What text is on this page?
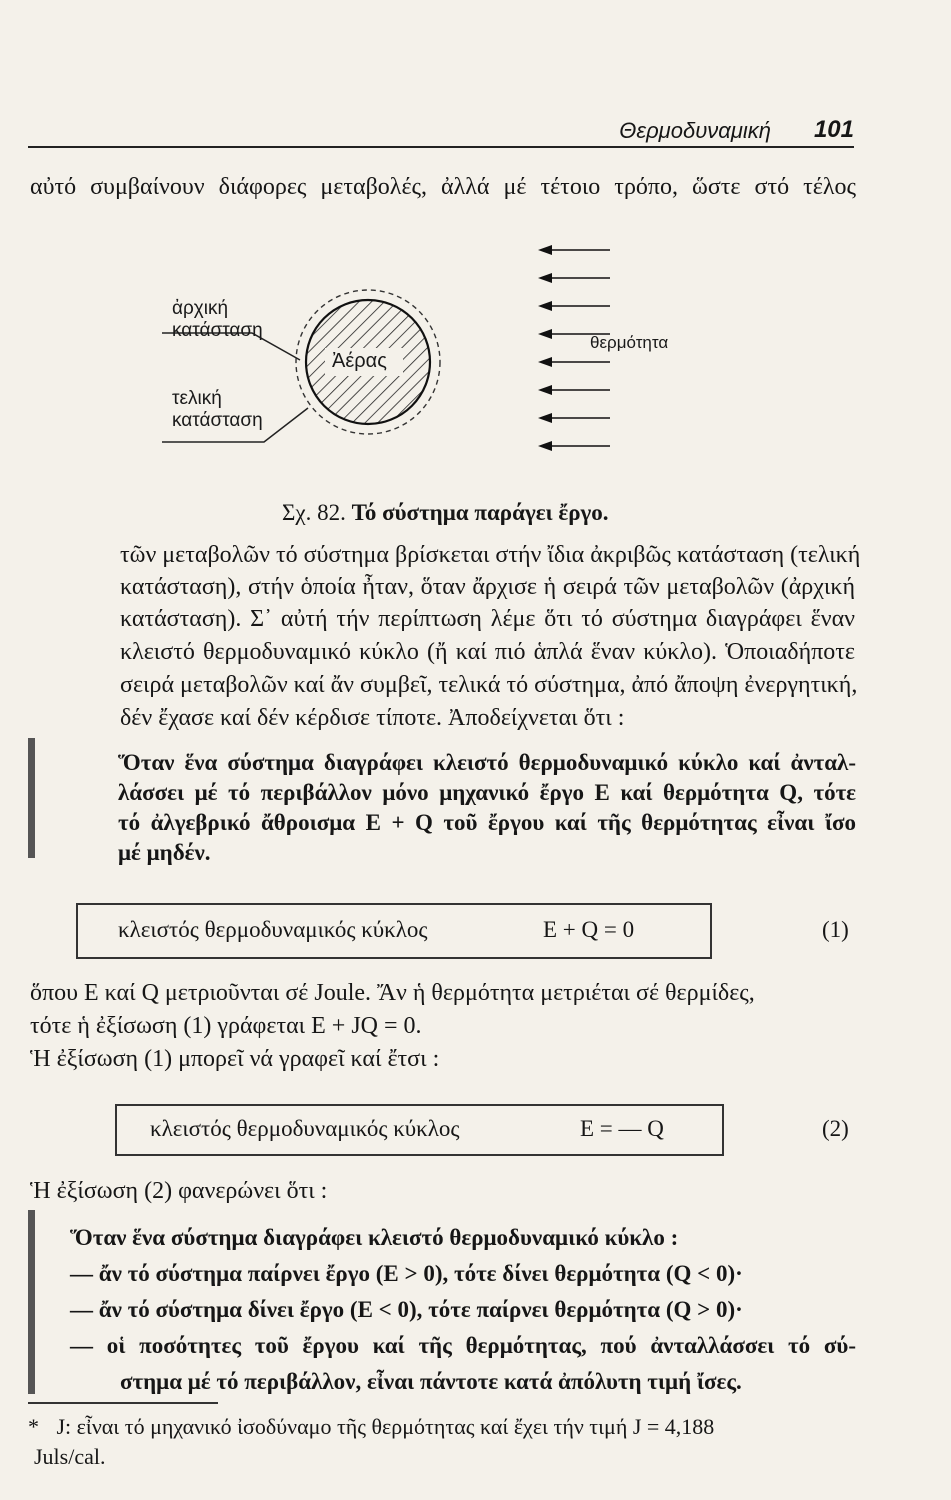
Θερμοδυναμική 101
αὐτό συμβαίνουν διάφορες μεταβολές, ἀλλά μέ τέτοιο τρόπο, ὥστε στό τέλος
ἀρχική
κατάσταση
τελική
κατάσταση
Ἀέρας
θερμότητα
Σχ. 82. Τό σύστημα παράγει ἔργο.
τῶν μεταβολῶν τό σύστημα βρίσκεται στήν ἴδια ἀκριβῶς κατάσταση (τελική
κατάσταση), στήν ὁποία ἦταν, ὅταν ἄρχισε ἡ σειρά τῶν μεταβολῶν (ἀρχική
κατάσταση). Σ᾽ αὐτή τήν περίπτωση λέμε ὅτι τό σύστημα διαγράφει ἕναν
κλειστό θερμοδυναμικό κύκλο (ἤ καί πιό ἁπλά ἕναν κύκλο). Ὁποιαδήποτε
σειρά μεταβολῶν καί ἄν συμβεῖ, τελικά τό σύστημα, ἀπό ἄποψη ἐνεργητική,
δέν ἔχασε καί δέν κέρδισε τίποτε. Ἀποδείχνεται ὅτι :
Ὅταν ἕνα σύστημα διαγράφει κλειστό θερμοδυναμικό κύκλο καί ἀνταλ-
λάσσει μέ τό περιβάλλον μόνο μηχανικό ἔργο Ε καί θερμότητα Q, τότε
τό ἀλγεβρικό ἄθροισμα Ε + Q τοῦ ἔργου καί τῆς θερμότητας εἶναι ἴσο
μέ μηδέν.
κλειστός θερμοδυναμικός κύκλος	Ε + Q = 0	(1)
ὅπου Ε καί Q μετριοῦνται σέ Joule. Ἄν ἡ θερμότητα μετριέται σέ θερμίδες,
τότε ἡ ἐξίσωση (1) γράφεται Ε + JQ = 0.
Ἡ ἐξίσωση (1) μπορεῖ νά γραφεῖ καί ἔτσι :
κλειστός θερμοδυναμικός κύκλος	Ε = — Q	(2)
Ἡ ἐξίσωση (2) φανερώνει ὅτι :
Ὅταν ἕνα σύστημα διαγράφει κλειστό θερμοδυναμικό κύκλο :
— ἄν τό σύστημα παίρνει ἔργο (Ε > 0), τότε δίνει θερμότητα (Q < 0)·
— ἄν τό σύστημα δίνει ἔργο (Ε < 0), τότε παίρνει θερμότητα (Q > 0)·
— οἱ ποσότητες τοῦ ἔργου καί τῆς θερμότητας, πού ἀνταλλάσσει τό σύ-
στημα μέ τό περιβάλλον, εἶναι πάντοτε κατά ἀπόλυτη τιμή ἴσες.
* J: εἶναι τό μηχανικό ἰσοδύναμο τῆς θερμότητας καί ἔχει τήν τιμή J = 4,188
Juls/cal.
